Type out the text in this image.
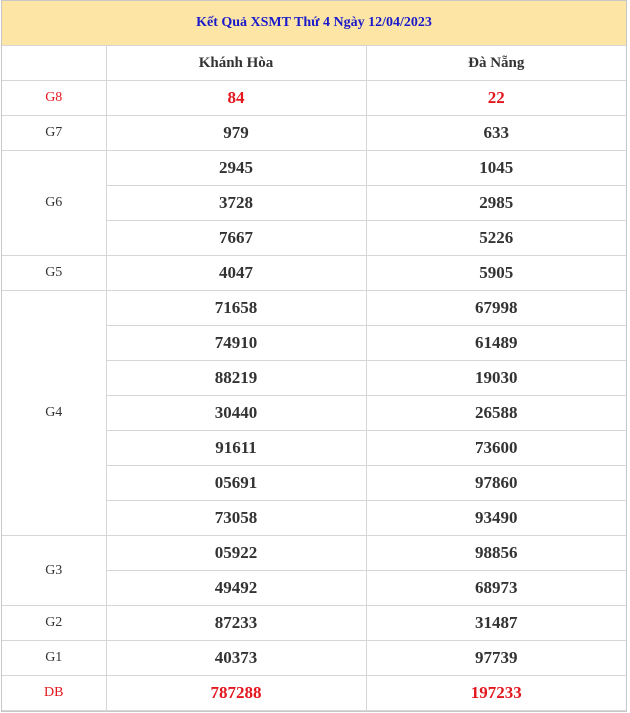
Kết Quả XSMT Thứ 4 Ngày 12/04/2023
	Khánh Hòa	Đà Nẵng
G8	84	22
G7	979	633
G6	2945	1045
	3728	2985
	7667	5226
G5	4047	5905
G4	71658	67998
	74910	61489
	88219	19030
	30440	26588
	91611	73600
	05691	97860
	73058	93490
G3	05922	98856
	49492	68973
G2	87233	31487
G1	40373	97739
DB	787288	197233
